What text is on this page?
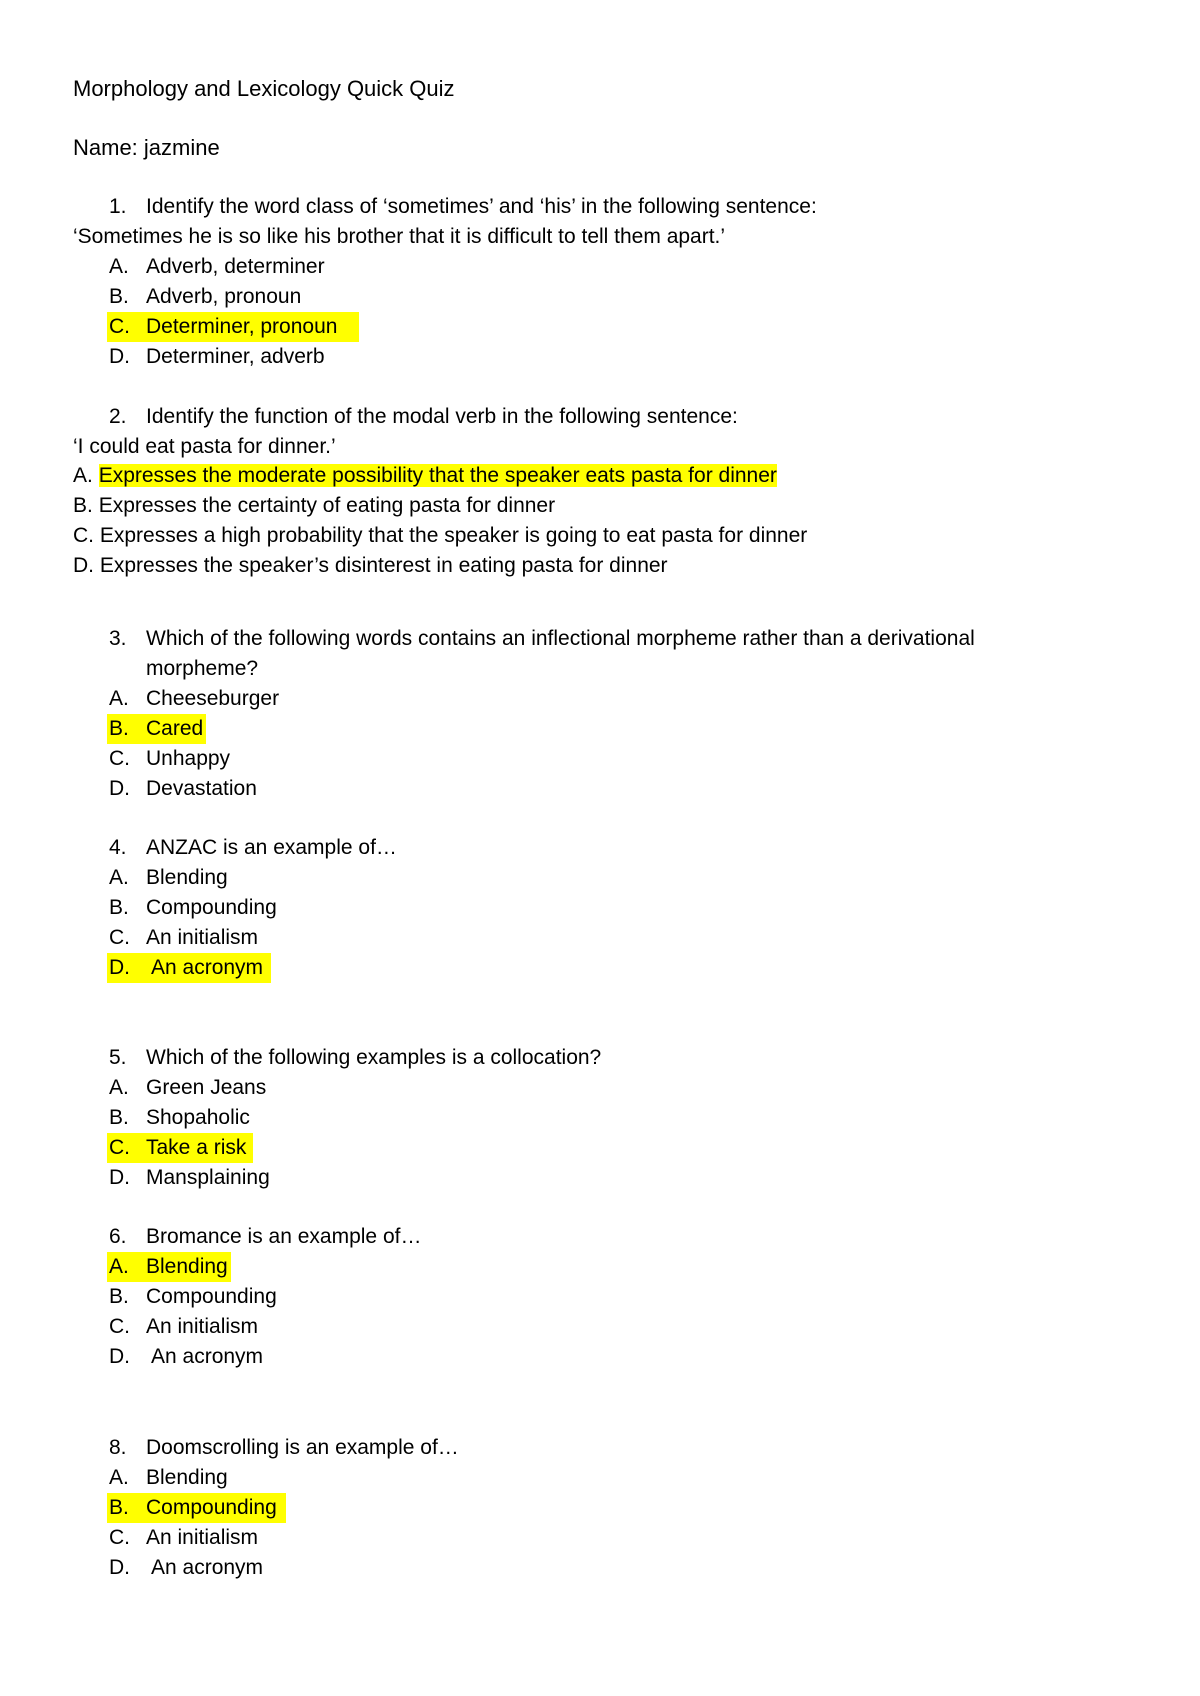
Morphology and Lexicology Quick Quiz
Name: jazmine
1. Identify the word class of ‘sometimes’ and ‘his’ in the following sentence:
‘Sometimes he is so like his brother that it is difficult to tell them apart.’
A. Adverb, determiner
B. Adverb, pronoun
C. Determiner, pronoun
D. Determiner, adverb
2. Identify the function of the modal verb in the following sentence:
‘I could eat pasta for dinner.’
A. Expresses the moderate possibility that the speaker eats pasta for dinner
B. Expresses the certainty of eating pasta for dinner
C. Expresses a high probability that the speaker is going to eat pasta for dinner
D. Expresses the speaker’s disinterest in eating pasta for dinner
3. Which of the following words contains an inflectional morpheme rather than a derivational
morpheme?
A. Cheeseburger
B. Cared
C. Unhappy
D. Devastation
4. ANZAC is an example of…
A. Blending
B. Compounding
C. An initialism
D. An acronym
5. Which of the following examples is a collocation?
A. Green Jeans
B. Shopaholic
C. Take a risk
D. Mansplaining
6. Bromance is an example of…
A. Blending
B. Compounding
C. An initialism
D. An acronym
8. Doomscrolling is an example of…
A. Blending
B. Compounding
C. An initialism
D. An acronym
